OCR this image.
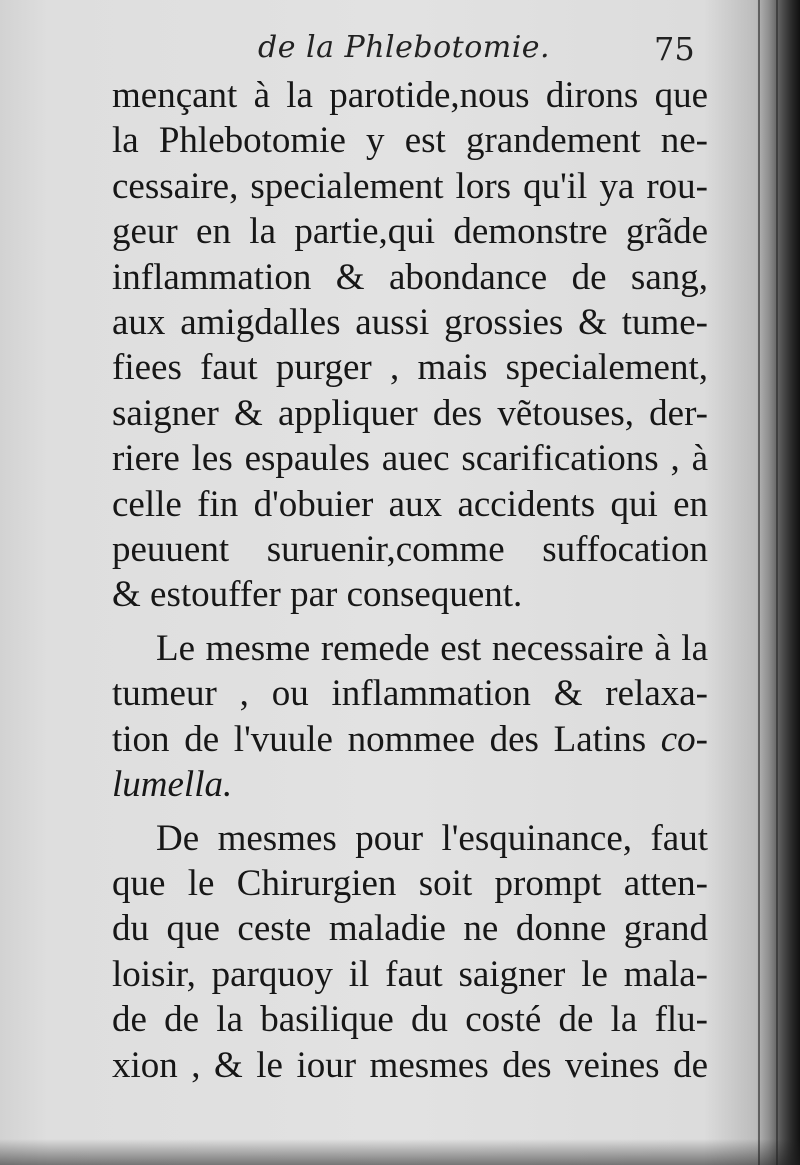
de la Phlebotomie.	75
mençant à la parotide,nous dirons que
la Phlebotomie y est grandement ne-
cessaire, specialement lors qu'il ya rou-
geur en la partie,qui demonstre grãde
inflammation & abondance de sang,
aux amigdalles aussi grossies & tume-
fiees faut purger , mais specialement,
saigner & appliquer des vẽtouses, der-
riere les espaules auec scarifications , à
celle fin d'obuier aux accidents qui en
peuuent suruenir,comme suffocation
& estouffer par consequent.
Le mesme remede est necessaire à la
tumeur , ou inflammation & relaxa-
tion de l'vuule nommee des Latins co-
lumella.
De mesmes pour l'esquinance, faut
que le Chirurgien soit prompt atten-
du que ceste maladie ne donne grand
loisir, parquoy il faut saigner le mala-
de de la basilique du costé de la flu-
xion , & le iour mesmes des veines de
